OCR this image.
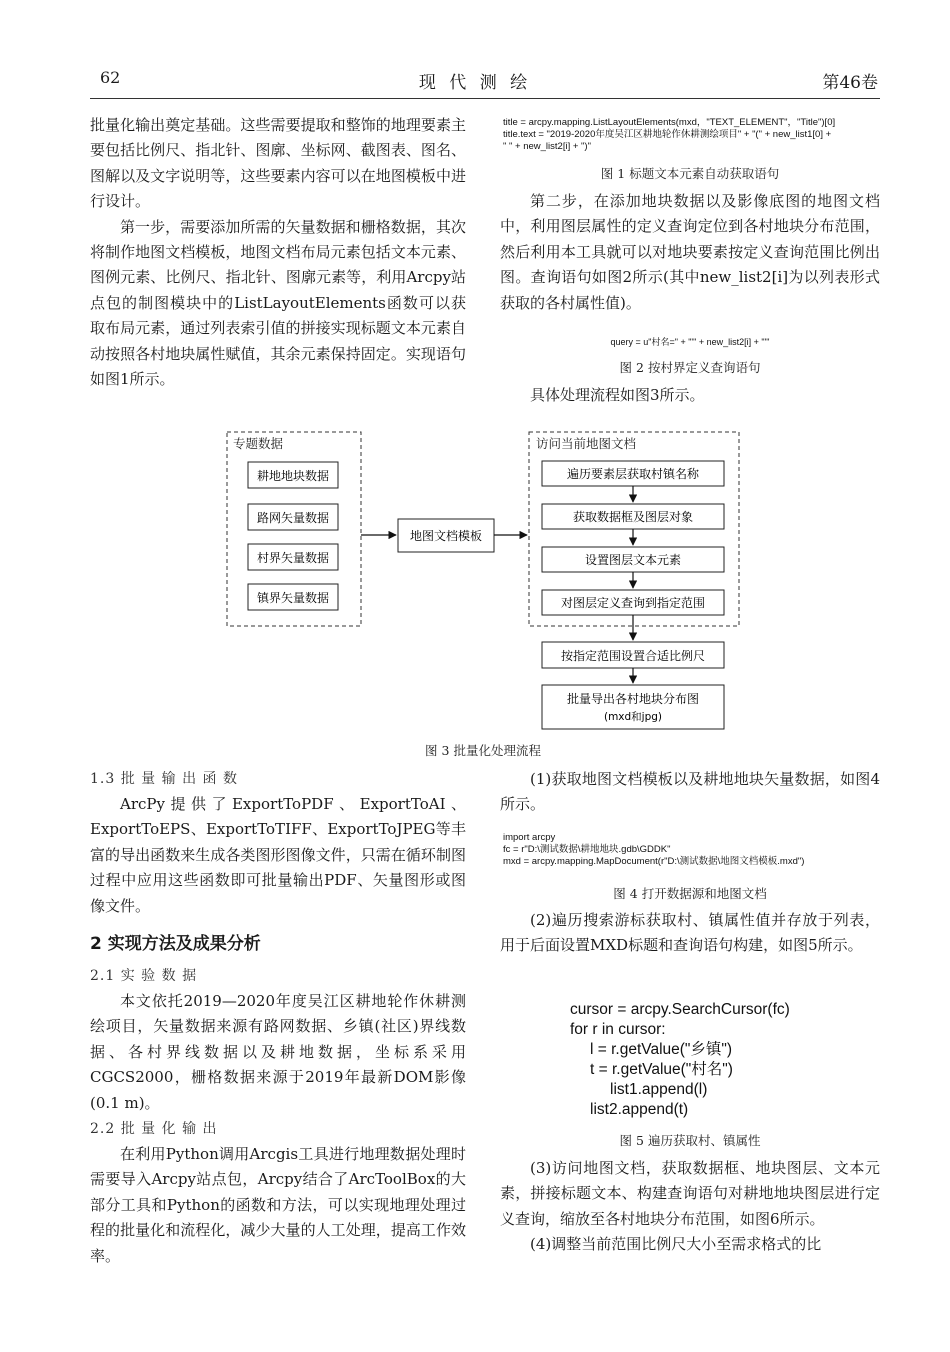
62	现 代 测 绘	第46卷

批量化输出奠定基础。这些需要提取和整饰的地理要素主要包括比例尺、指北针、图廓、坐标网、截图表、图名、图解以及文字说明等，这些要素内容可以在地图模板中进行设计。

第一步，需要添加所需的矢量数据和栅格数据，其次将制作地图文档模板，地图文档布局元素包括文本元素、图例元素、比例尺、指北针、图廓元素等，利用Arcpy站点包的制图模块中的ListLayoutElements函数可以获取布局元素，通过列表索引值的拼接实现标题文本元素自动按照各村地块属性赋值，其余元素保持固定。实现语句如图1所示。

title = arcpy.mapping.ListLayoutElements(mxd，"TEXT_ELEMENT"，"Title")[0]
title.text = "2019-2020年度吴江区耕地轮作休耕测绘项目" + "(" + new_list1[0] +
" " + new_list2[i] + ")"
图 1 标题文本元素自动获取语句

第二步，在添加地块数据以及影像底图的地图文档中，利用图层属性的定义查询定位到各村地块分布范围，然后利用本工具就可以对地块要素按定义查询范围比例出图。查询语句如图2所示(其中new_list2[i]为以列表形式获取的各村属性值)。

query = u"村名=" + "'" + new_list2[i] + "'"
图 2 按村界定义查询语句

具体处理流程如图3所示。

专题数据
耕地地块数据
路网矢量数据
村界矢量数据
镇界矢量数据
地图文档模板
访问当前地图文档
遍历要素层获取村镇名称
获取数据框及图层对象
设置图层文本元素
对图层定义查询到指定范围
按指定范围设置合适比例尺
批量导出各村地块分布图
(mxd和jpg)
图 3 批量化处理流程

1.3 批 量 输 出 函 数

ArcPy提供了ExportToPDF、ExportToAI、ExportToEPS、ExportToTIFF、ExportToJPEG等丰富的导出函数来生成各类图形图像文件，只需在循环制图过程中应用这些函数即可批量输出PDF、矢量图形或图像文件。

2 实现方法及成果分析

2.1 实 验 数 据

本文依托2019—2020年度吴江区耕地轮作休耕测绘项目，矢量数据来源有路网数据、乡镇(社区)界线数据、各村界线数据以及耕地数据，坐标系采用CGCS2000，栅格数据来源于2019年最新DOM影像(0.1 m)。

2.2 批 量 化 输 出

在利用Python调用Arcgis工具进行地理数据处理时需要导入Arcpy站点包，Arcpy结合了ArcToolBox的大部分工具和Python的函数和方法，可以实现地理处理过程的批量化和流程化，减少大量的人工处理，提高工作效率。

(1)获取地图文档模板以及耕地地块矢量数据，如图4所示。

import arcpy
fc = r"D:\测试数据\耕地地块.gdb\GDDK"
mxd = arcpy.mapping.MapDocument(r"D:\测试数据\地图文档模板.mxd")
图 4 打开数据源和地图文档

(2)遍历搜索游标获取村、镇属性值并存放于列表，用于后面设置MXD标题和查询语句构建，如图5所示。

cursor = arcpy.SearchCursor(fc)
for r in cursor:
l = r.getValue("乡镇")
t = r.getValue("村名")
list1.append(l)
list2.append(t)
图 5 遍历获取村、镇属性

(3)访问地图文档，获取数据框、地块图层、文本元素，拼接标题文本、构建查询语句对耕地地块图层进行定义查询，缩放至各村地块分布范围，如图6所示。

(4)调整当前范围比例尺大小至需求格式的比
